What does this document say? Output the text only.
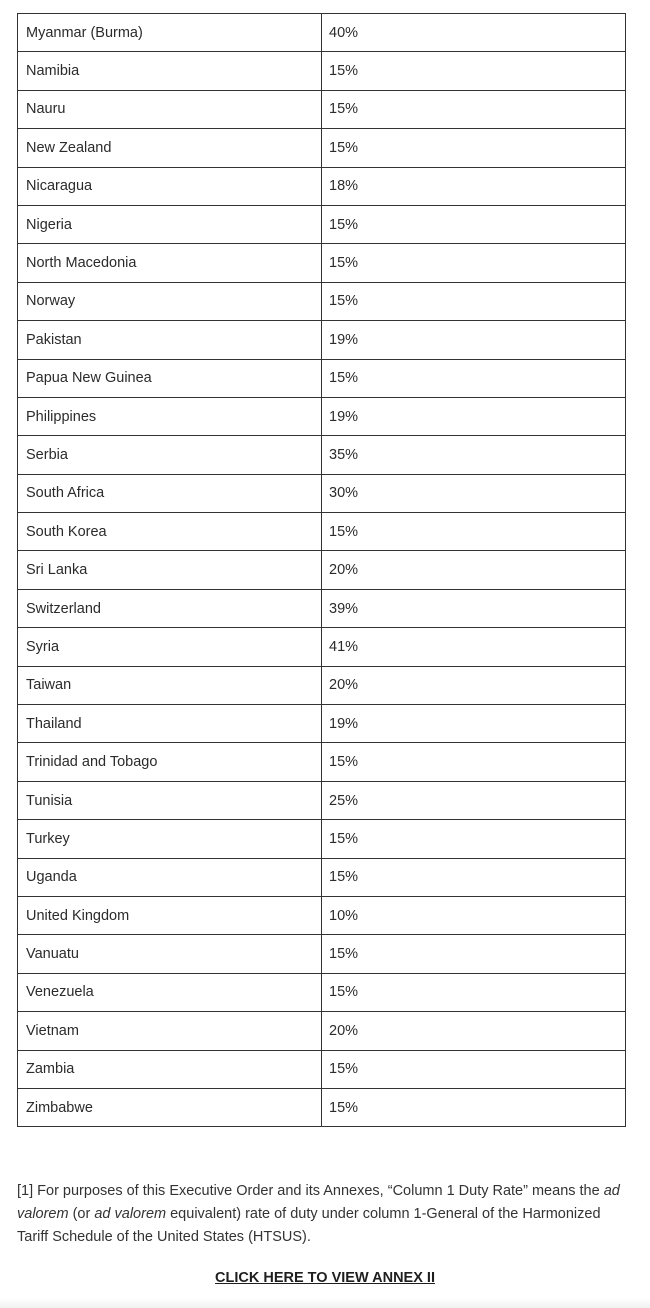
Myanmar (Burma)	40%
Namibia	15%
Nauru	15%
New Zealand	15%
Nicaragua	18%
Nigeria	15%
North Macedonia	15%
Norway	15%
Pakistan	19%
Papua New Guinea	15%
Philippines	19%
Serbia	35%
South Africa	30%
South Korea	15%
Sri Lanka	20%
Switzerland	39%
Syria	41%
Taiwan	20%
Thailand	19%
Trinidad and Tobago	15%
Tunisia	25%
Turkey	15%
Uganda	15%
United Kingdom	10%
Vanuatu	15%
Venezuela	15%
Vietnam	20%
Zambia	15%
Zimbabwe	15%

[1] For purposes of this Executive Order and its Annexes, “Column 1 Duty Rate” means the ad valorem (or ad valorem equivalent) rate of duty under column 1-General of the Harmonized Tariff Schedule of the United States (HTSUS).

CLICK HERE TO VIEW ANNEX II
